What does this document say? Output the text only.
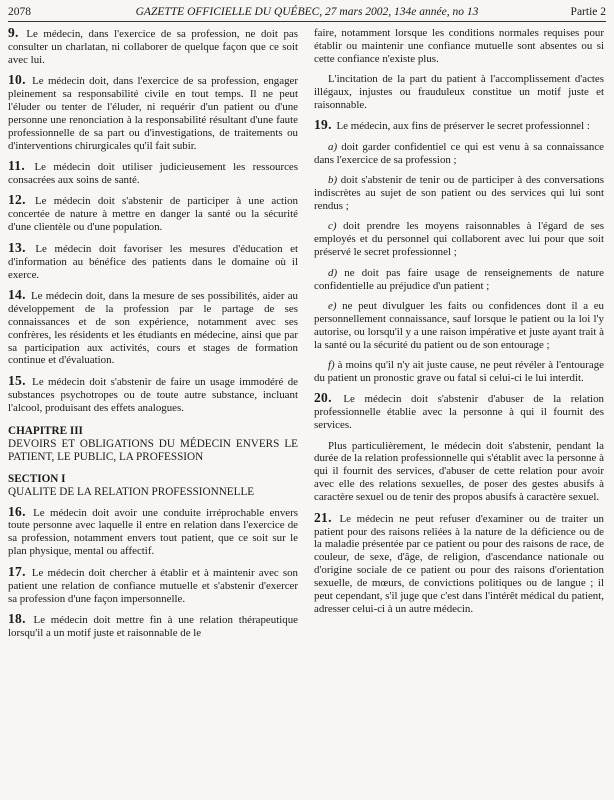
2078	GAZETTE OFFICIELLE DU QUÉBEC, 27 mars 2002, 134e année, no 13	Partie 2

9. Le médecin, dans l'exercice de sa profession, ne doit pas consulter un charlatan, ni collaborer de quelque façon que ce soit avec lui.

10. Le médecin doit, dans l'exercice de sa profession, engager pleinement sa responsabilité civile en tout temps. Il ne peut l'éluder ou tenter de l'éluder, ni requérir d'un patient ou d'une personne une renonciation à la responsabilité résultant d'une faute professionnelle de sa part ou d'investigations, de traitements ou d'interventions chirurgicales qu'il fait subir.

11. Le médecin doit utiliser judicieusement les ressources consacrées aux soins de santé.

12. Le médecin doit s'abstenir de participer à une action concertée de nature à mettre en danger la santé ou la sécurité d'une clientèle ou d'une population.

13. Le médecin doit favoriser les mesures d'éducation et d'information au bénéfice des patients dans le domaine où il exerce.

14. Le médecin doit, dans la mesure de ses possibilités, aider au développement de la profession par le partage de ses connaissances et de son expérience, notamment avec ses confrères, les résidents et les étudiants en médecine, ainsi que par sa participation aux activités, cours et stages de formation continue et d'évaluation.

15. Le médecin doit s'abstenir de faire un usage immodéré de substances psychotropes ou de toute autre substance, incluant l'alcool, produisant des effets analogues.

CHAPITRE III
DEVOIRS ET OBLIGATIONS DU MÉDECIN ENVERS LE PATIENT, LE PUBLIC, LA PROFESSION
SECTION I
QUALITE DE LA RELATION PROFESSIONNELLE

16. Le médecin doit avoir une conduite irréprochable envers toute personne avec laquelle il entre en relation dans l'exercice de sa profession, notamment envers tout patient, que ce soit sur le plan physique, mental ou affectif.

17. Le médecin doit chercher à établir et à maintenir avec son patient une relation de confiance mutuelle et s'abstenir d'exercer sa profession d'une façon impersonnelle.

18. Le médecin doit mettre fin à une relation thérapeutique lorsqu'il a un motif juste et raisonnable de le

faire, notamment lorsque les conditions normales requises pour établir ou maintenir une confiance mutuelle sont absentes ou si cette confiance n'existe plus.

L'incitation de la part du patient à l'accomplissement d'actes illégaux, injustes ou frauduleux constitue un motif juste et raisonnable.

19. Le médecin, aux fins de préserver le secret professionnel :

a) doit garder confidentiel ce qui est venu à sa connaissance dans l'exercice de sa profession ;

b) doit s'abstenir de tenir ou de participer à des conversations indiscrètes au sujet de son patient ou des services qui lui sont rendus ;

c) doit prendre les moyens raisonnables à l'égard de ses employés et du personnel qui collaborent avec lui pour que soit préservé le secret professionnel ;

d) ne doit pas faire usage de renseignements de nature confidentielle au préjudice d'un patient ;

e) ne peut divulguer les faits ou confidences dont il a eu personnellement connaissance, sauf lorsque le patient ou la loi l'y autorise, ou lorsqu'il y a une raison impérative et juste ayant trait à la santé ou la sécurité du patient ou de son entourage ;

f) à moins qu'il n'y ait juste cause, ne peut révéler à l'entourage du patient un pronostic grave ou fatal si celui-ci le lui interdit.

20. Le médecin doit s'abstenir d'abuser de la relation professionnelle établie avec la personne à qui il fournit des services.

Plus particulièrement, le médecin doit s'abstenir, pendant la durée de la relation professionnelle qui s'établit avec la personne à qui il fournit des services, d'abuser de cette relation pour avoir avec elle des relations sexuelles, de poser des gestes abusifs à caractère sexuel ou de tenir des propos abusifs à caractère sexuel.

21. Le médecin ne peut refuser d'examiner ou de traiter un patient pour des raisons reliées à la nature de la déficience ou de la maladie présentée par ce patient ou pour des raisons de race, de couleur, de sexe, d'âge, de religion, d'ascendance nationale ou d'origine sociale de ce patient ou pour des raisons d'orientation sexuelle, de mœurs, de convictions politiques ou de langue ; il peut cependant, s'il juge que c'est dans l'intérêt médical du patient, adresser celui-ci à un autre médecin.
